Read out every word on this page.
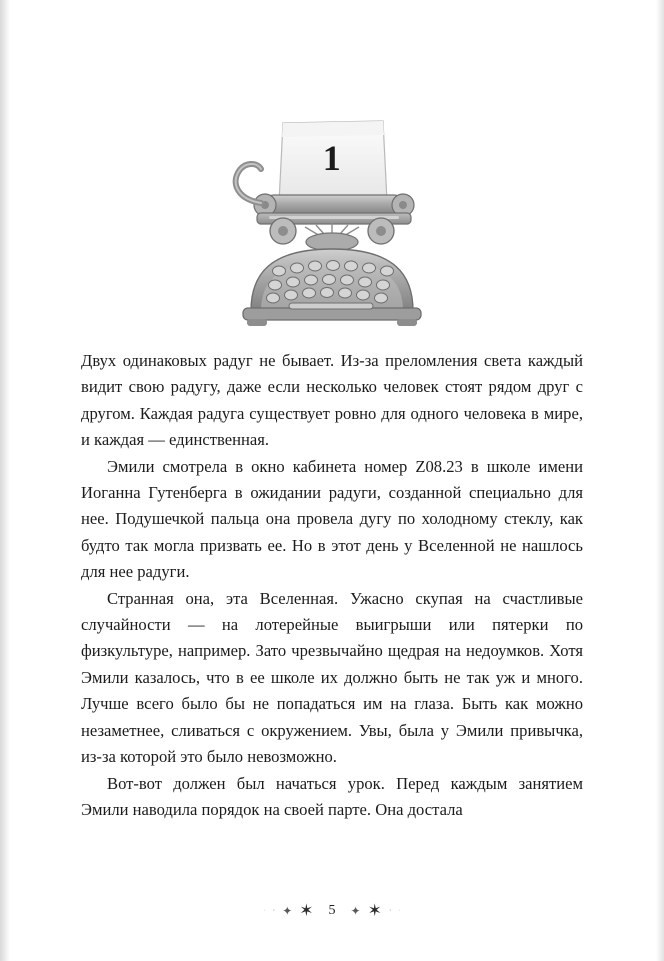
1

Двух одинаковых радуг не бывает. Из-за преломления света каждый видит свою радугу, даже если несколько человек стоят рядом друг с другом. Каждая радуга существует ровно для одного человека в мире, и каждая — единственная.

Эмили смотрела в окно кабинета номер Z08.23 в школе имени Иоганна Гутенберга в ожидании радуги, созданной специально для нее. Подушечкой пальца она провела дугу по холодному стеклу, как будто так могла призвать ее. Но в этот день у Вселенной не нашлось для нее радуги.

Странная она, эта Вселенная. Ужасно скупая на счастливые случайности — на лотерейные выигрыши или пятерки по физкультуре, например. Зато чрезвычайно щедрая на недоумков. Хотя Эмили казалось, что в ее школе их должно быть не так уж и много. Лучше всего было бы не попадаться им на глаза. Быть как можно незаметнее, сливаться с окружением. Увы, была у Эмили привычка, из-за которой это было невозможно.

Вот-вот должен был начаться урок. Перед каждым занятием Эмили наводила порядок на своей парте. Она достала

· · ✦ ✶	5	✦ ✶ · ·
